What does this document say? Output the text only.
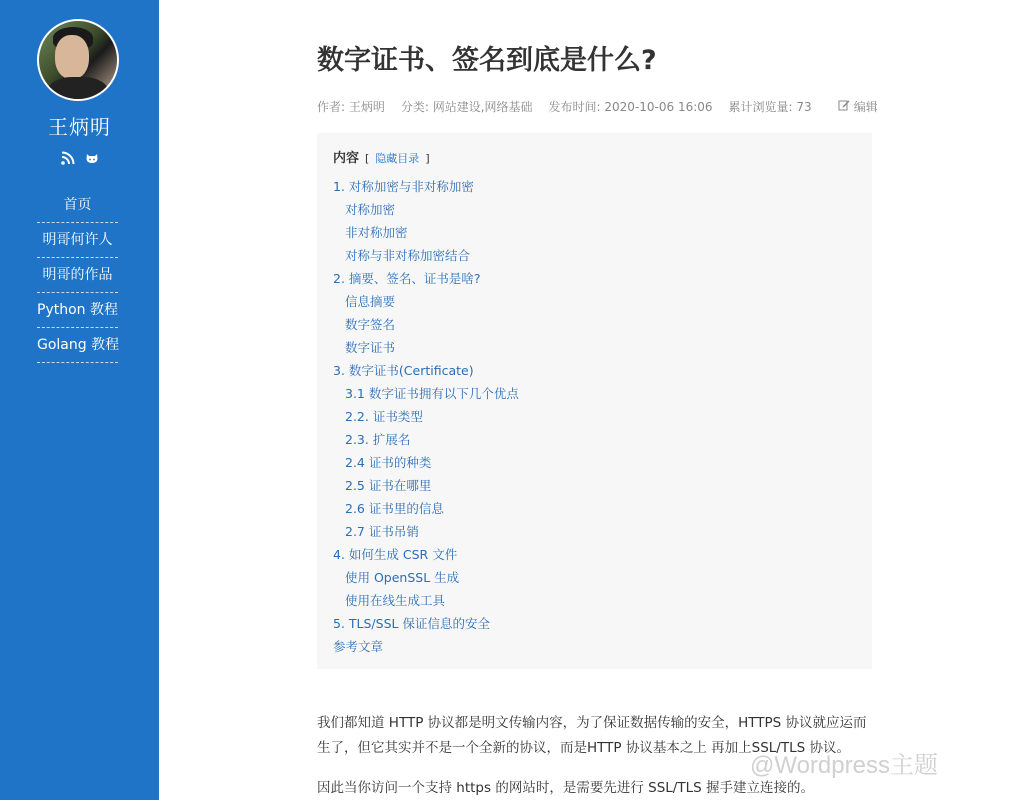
王炳明
首页
明哥何许人
明哥的作品
Python 教程
Golang 教程
数字证书、签名到底是什么?
作者: 王炳明 分类: 网站建设,网络基础 发布时间: 2020-10-06 16:06 累计浏览量: 73	编辑
内容 [ 隐藏目录 ]
1. 对称加密与非对称加密
对称加密
非对称加密
对称与非对称加密结合
2. 摘要、签名、证书是啥?
信息摘要
数字签名
数字证书
3. 数字证书(Certificate)
3.1 数字证书拥有以下几个优点
2.2. 证书类型
2.3. 扩展名
2.4 证书的种类
2.5 证书在哪里
2.6 证书里的信息
2.7 证书吊销
4. 如何生成 CSR 文件
使用 OpenSSL 生成
使用在线生成工具
5. TLS/SSL 保证信息的安全
参考文章

我们都知道 HTTP 协议都是明文传输内容，为了保证数据传输的安全，HTTPS 协议就应运而生了，但它其实并不是一个全新的协议，而是HTTP 协议基本之上 再加上SSL/TLS 协议。

因此当你访问一个支持 https 的网站时，是需要先进行 SSL/TLS 握手建立连接的。

@Wordpress主题
